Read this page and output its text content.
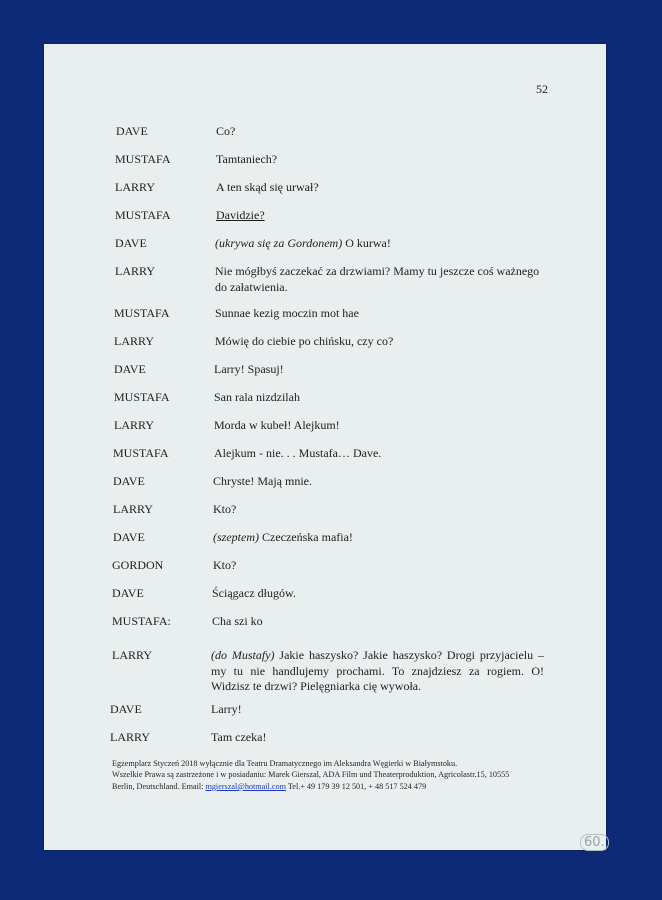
52
DAVE	Co?
MUSTAFA	Tamtaniech?
LARRY	A ten skąd się urwał?
MUSTAFA	Davidzie?
DAVE	(ukrywa się za Gordonem) O kurwa!
LARRY	Nie mógłbyś zaczekać za drzwiami? Mamy tu jeszcze coś ważnego do załatwienia.
MUSTAFA	Sunnae kezig moczin mot hae
LARRY	Mówię do ciebie po chińsku, czy co?
DAVE	Larry! Spasuj!
MUSTAFA	San rala nizdzilah
LARRY	Morda w kubeł! Alejkum!
MUSTAFA	Alejkum - nie. . . Mustafa… Dave.
DAVE	Chryste! Mają mnie.
LARRY	Kto?
DAVE	(szeptem) Czeczeńska mafia!
GORDON	Kto?
DAVE	Ściągacz długów.
MUSTAFA:	Cha szi ko
LARRY	(do Mustafy) Jakie haszysko? Jakie haszysko? Drogi przyjacielu – my tu nie handlujemy prochami. To znajdziesz za rogiem. O! Widzisz te drzwi? Pielęgniarka cię wywoła.
DAVE	Larry!
LARRY	Tam czeka!
Egzemplarz Styczeń 2018 wyłącznie dla Teatru Dramatycznego im Aleksandra Węgierki w Białymstoku.
Wszelkie Prawa są zastrzeżone i w posiadaniu: Marek Gierszal, ADA Film und Theaterproduktion, Agricolastr.15, 10555
Berlin, Deutschland. Email: mgierszal@hotmail.com Tel.+ 49 179 39 12 501, + 48 517 524 479
60.
